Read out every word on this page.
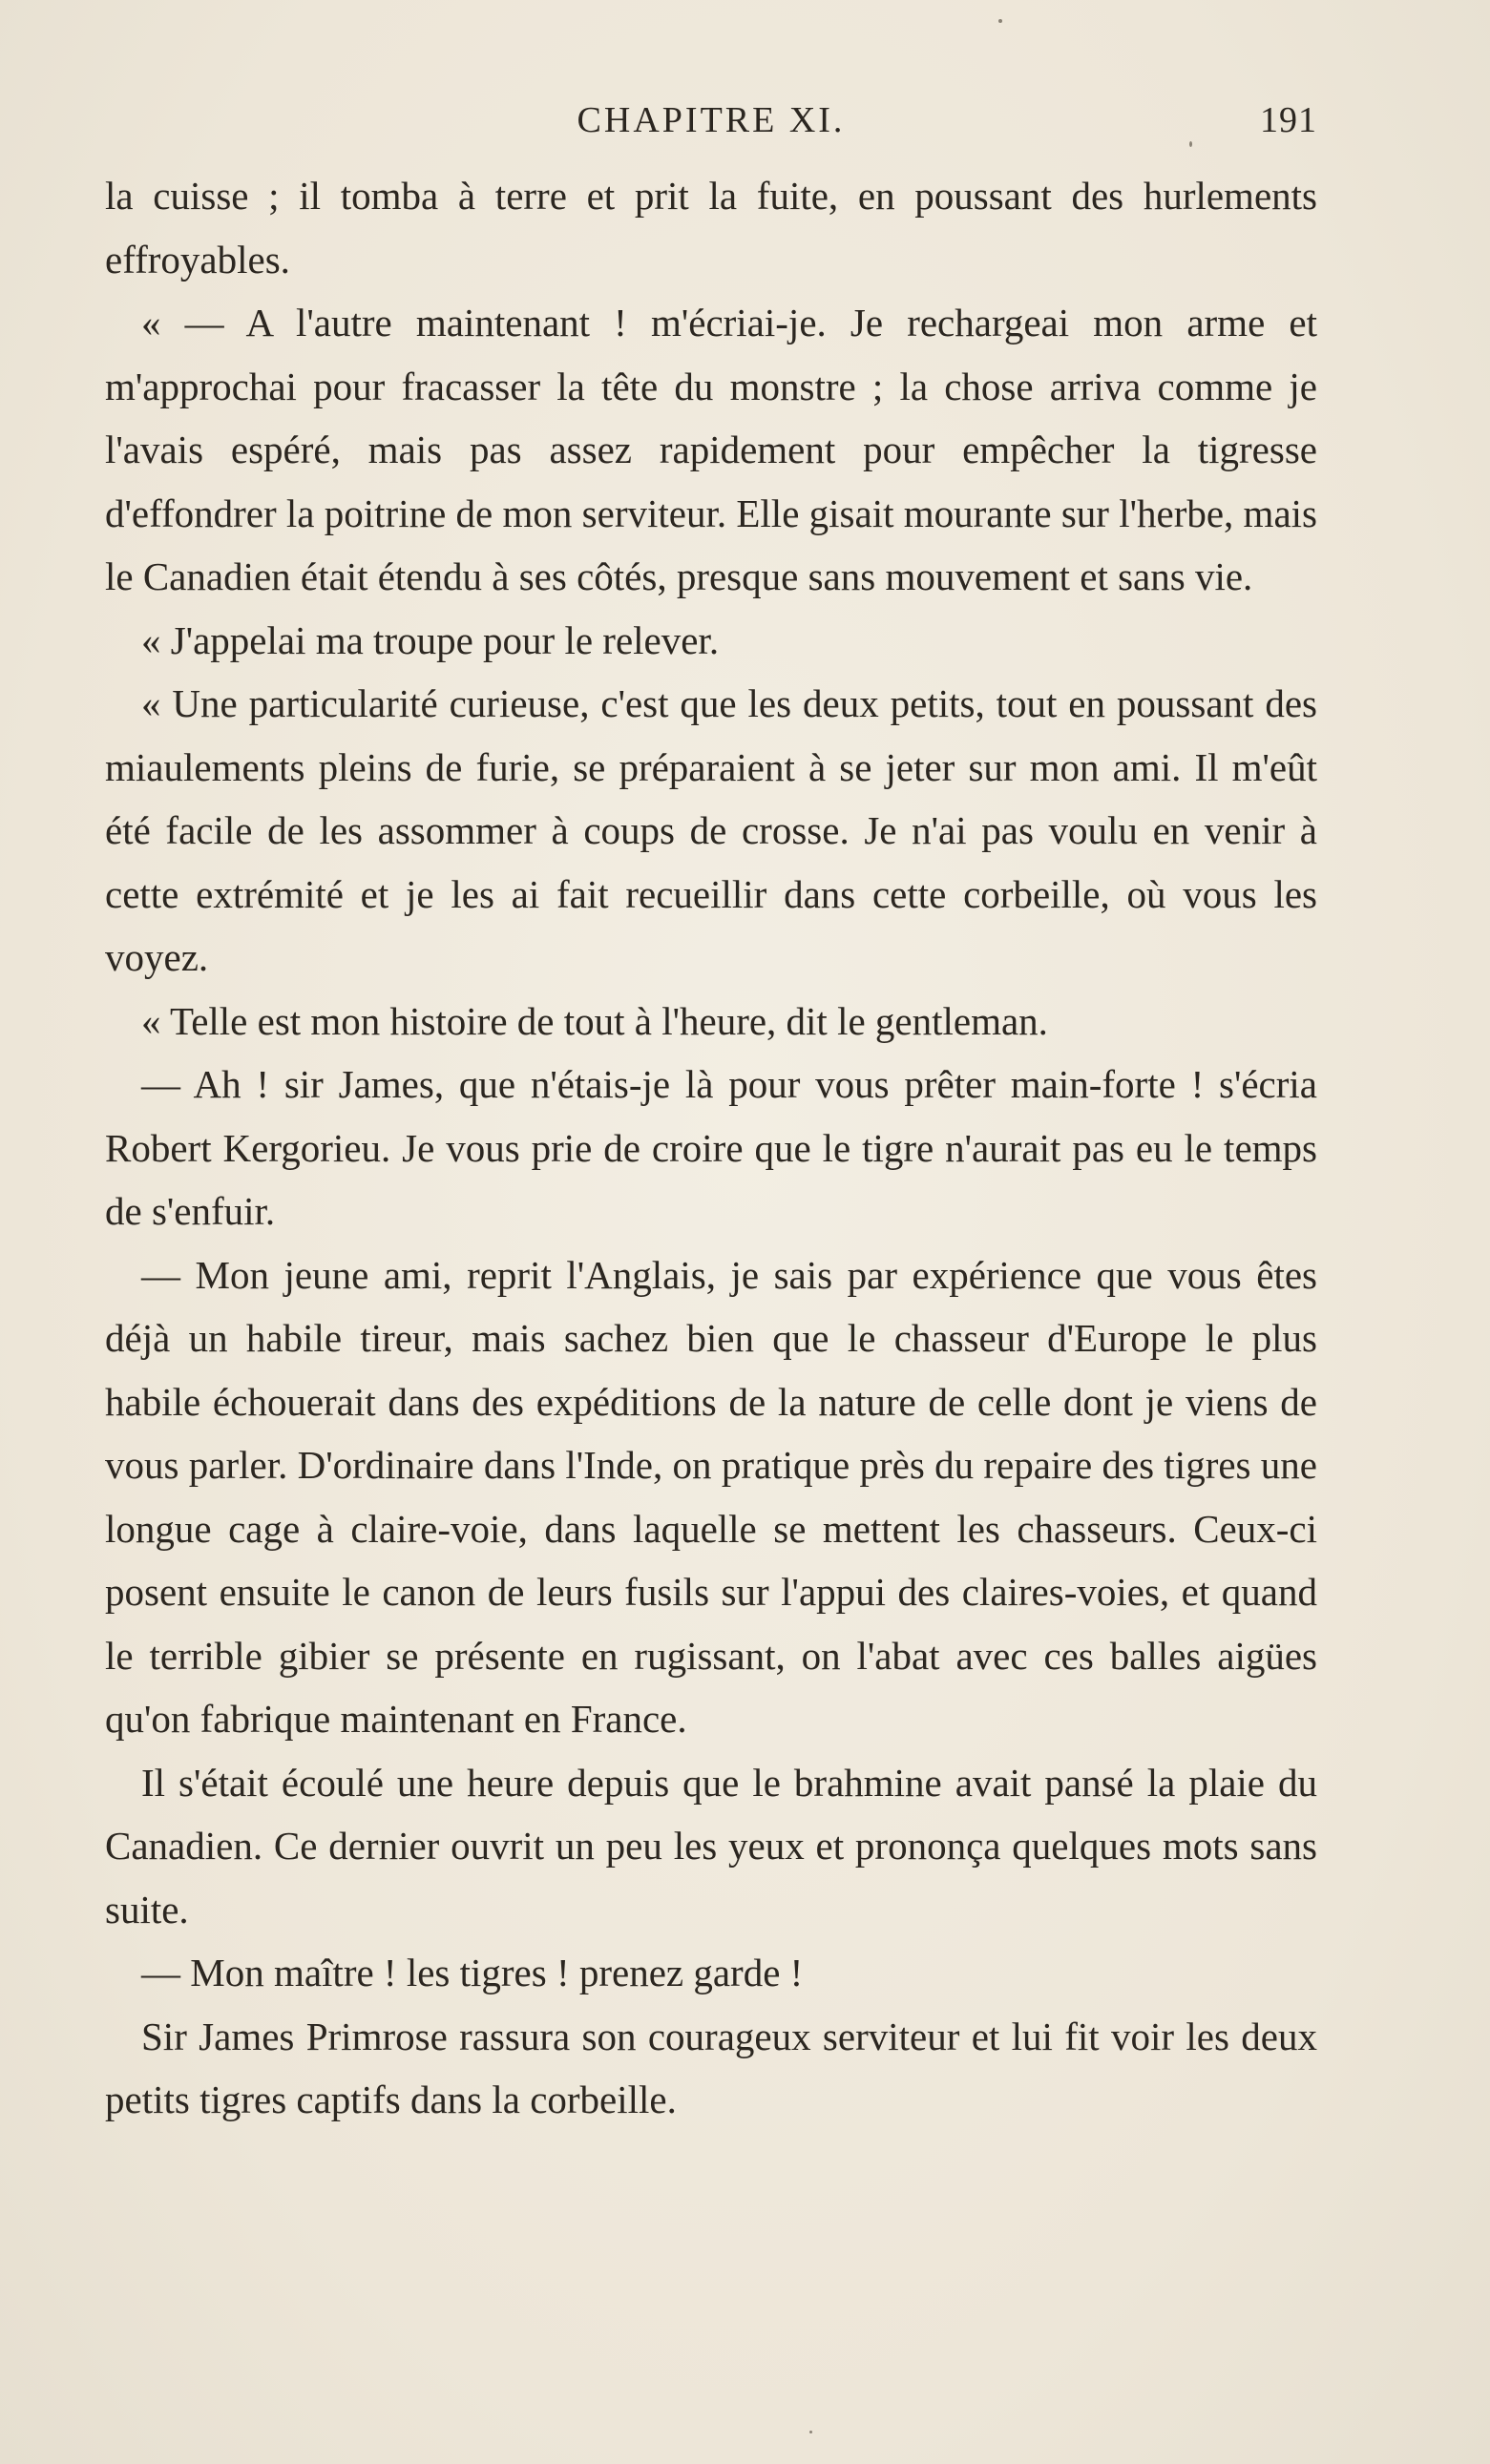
CHAPITRE XI.	191

la cuisse ; il tomba à terre et prit la fuite, en poussant des hurlements effroyables.

« — A l'autre maintenant ! m'écriai-je. Je rechargeai mon arme et m'approchai pour fracasser la tête du monstre ; la chose arriva comme je l'avais espéré, mais pas assez rapidement pour empêcher la tigresse d'effondrer la poitrine de mon serviteur. Elle gisait mourante sur l'herbe, mais le Canadien était étendu à ses côtés, presque sans mouvement et sans vie.

« J'appelai ma troupe pour le relever.

« Une particularité curieuse, c'est que les deux petits, tout en poussant des miaulements pleins de furie, se préparaient à se jeter sur mon ami. Il m'eût été facile de les assommer à coups de crosse. Je n'ai pas voulu en venir à cette extrémité et je les ai fait recueillir dans cette corbeille, où vous les voyez.

« Telle est mon histoire de tout à l'heure, dit le gentleman.

— Ah ! sir James, que n'étais-je là pour vous prêter main-forte ! s'écria Robert Kergorieu. Je vous prie de croire que le tigre n'aurait pas eu le temps de s'enfuir.

— Mon jeune ami, reprit l'Anglais, je sais par expérience que vous êtes déjà un habile tireur, mais sachez bien que le chasseur d'Europe le plus habile échouerait dans des expéditions de la nature de celle dont je viens de vous parler. D'ordinaire dans l'Inde, on pratique près du repaire des tigres une longue cage à claire-voie, dans laquelle se mettent les chasseurs. Ceux-ci posent ensuite le canon de leurs fusils sur l'appui des claires-voies, et quand le terrible gibier se présente en rugissant, on l'abat avec ces balles aigües qu'on fabrique maintenant en France.

Il s'était écoulé une heure depuis que le brahmine avait pansé la plaie du Canadien. Ce dernier ouvrit un peu les yeux et prononça quelques mots sans suite.

— Mon maître ! les tigres ! prenez garde !

Sir James Primrose rassura son courageux serviteur et lui fit voir les deux petits tigres captifs dans la corbeille.
